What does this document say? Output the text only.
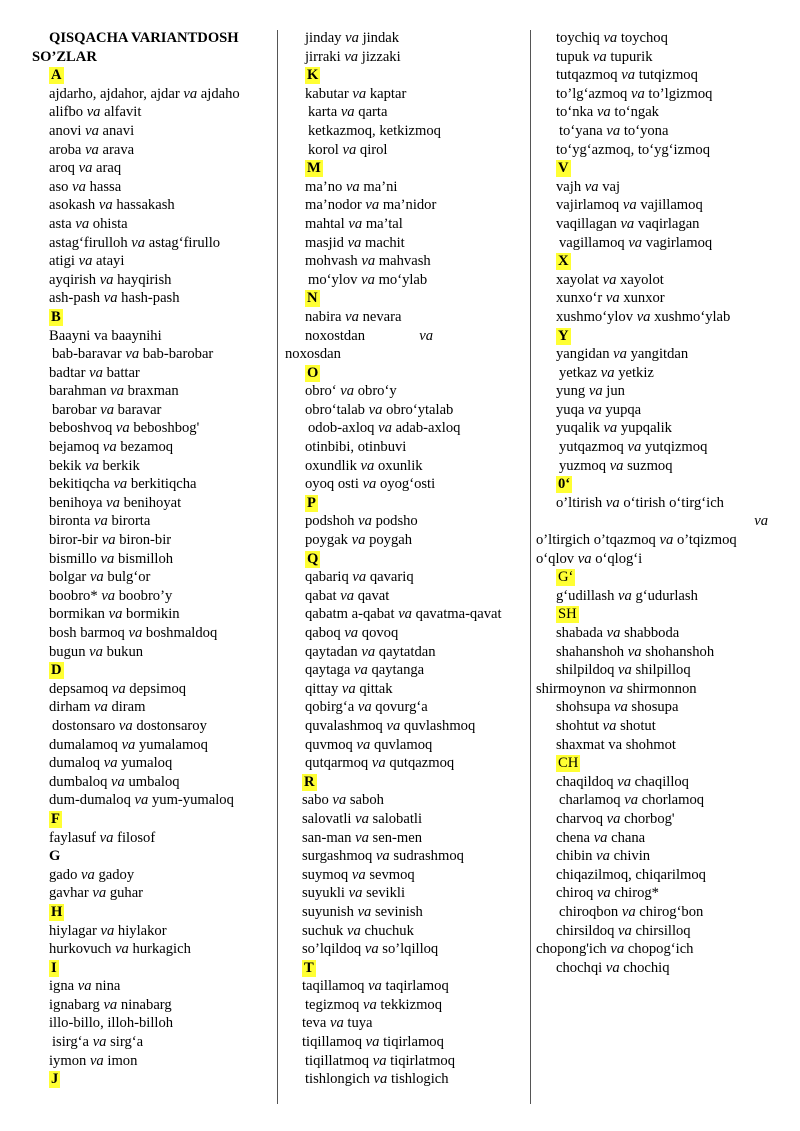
QISQACHA VARIANTDOSH
SO’ZLAR
A
ajdarho, ajdahor, ajdar va ajdaho
alifbo va alfavit
anovi va anavi
aroba va arava
aroq va araq
aso va hassa
asokash va hassakash
asta va ohista
astag‘firulloh va astag‘firullo
atigi va atayi
ayqirish va hayqirish
ash-pash va hash-pash
B
Baayni va baaynihi
bab-baravar va bab-barobar
badtar va battar
barahman va braxman
barobar va baravar
beboshvoq va beboshbog'
bejamoq va bezamoq
bekik va berkik
bekitiqcha va berkitiqcha
benihoya va benihoyat
bironta va birorta
biror-bir va biron-bir
bismillo va bismilloh
bolgar va bulg‘or
boobro* va boobro’y
bormikan va bormikin
bosh barmoq va boshmaldoq
bugun va bukun
D
depsamoq va depsimoq
dirham va diram
dostonsaro va dostonsaroy
dumalamoq va yumalamoq
dumaloq va yumaloq
dumbaloq va umbaloq
dum-dumaloq va yum-yumaloq
F
faylasuf va filosof
G
gado va gadoy
gavhar va guhar
H
hiylagar va hiylakor
hurkovuch va hurkagich
I
igna va nina
ignabarg va ninabarg
illo-billo, illoh-billoh
isirg‘a va sirg‘a
iymon va imon
J
jinday va jindak
jirraki va jizzaki
K
kabutar va kaptar
karta va qarta
ketkazmoq, ketkizmoq
korol va qirol
M
ma’no va ma’ni
ma’nodor va ma’nidor
mahtal va ma’tal
masjid va machit
mohvash va mahvash
mo‘ylov va mo‘ylab
N
nabira va nevara
noxostdan	va
noxosdan
O
obro‘ va obro‘y
obro‘talab va obro‘ytalab
odob-axloq va adab-axloq
otinbibi, otinbuvi
oxundlik va oxunlik
oyoq osti va oyog‘osti
P
podshoh va podsho
poygak va poygah
Q
qabariq va qavariq
qabat va qavat
qabatm a-qabat va qavatma-qavat
qaboq va qovoq
qaytadan va qaytatdan
qaytaga va qaytanga
qittay va qittak
qobirg‘a va qovurg‘a
quvalashmoq va quvlashmoq
quvmoq va quvlamoq
qutqarmoq va qutqazmoq
R
sabo va saboh
salovatli va salobatli
san-man va sen-men
surgashmoq va sudrashmoq
suymoq va sevmoq
suyukli va sevikli
suyunish va sevinish
suchuk va chuchuk
so’lqildoq va so’lqilloq
T
taqillamoq va taqirlamoq
tegizmoq va tekkizmoq
teva va tuya
tiqillamoq va tiqirlamoq
tiqillatmoq va tiqirlatmoq
tishlongich va tishlogich
toychiq va toychoq
tupuk va tupurik
tutqazmoq va tutqizmoq
to’lg‘azmoq va to’lgizmoq
to‘nka va to‘ngak
to‘yana va to‘yona
to‘yg‘azmoq, to‘yg‘izmoq
V
vajh va vaj
vajirlamoq va vajillamoq
vaqillagan va vaqirlagan
vagillamoq va vagirlamoq
X
xayolat va xayolot
xunxo‘r va xunxor
xushmo‘ylov va xushmo‘ylab
Y
yangidan va yangitdan
yetkaz va yetkiz
yung va jun
yuqa va yupqa
yuqalik va yupqalik
yutqazmoq va yutqizmoq
yuzmoq va suzmoq
0‘
o’ltirish va o‘tirish o‘tirg‘ich
va
o’ltirgich o’tqazmoq va o’tqizmoq
o‘qlov va o‘qlog‘i
G‘
g‘udillash va g‘udurlash
SH
shabada va shabboda
shahanshoh va shohanshoh
shilpildoq va shilpilloq
shirmoynon va shirmonnon
shohsupa va shosupa
shohtut va shotut
shaxmat va shohmot
CH
chaqildoq va chaqilloq
charlamoq va chorlamoq
charvoq va chorbog'
chena va chana
chibin va chivin
chiqazilmoq, chiqarilmoq
chiroq va chirog*
chiroqbon va chirog‘bon
chirsildoq va chirsilloq
chopong'ich va chopog‘ich
chochqi va chochiq
